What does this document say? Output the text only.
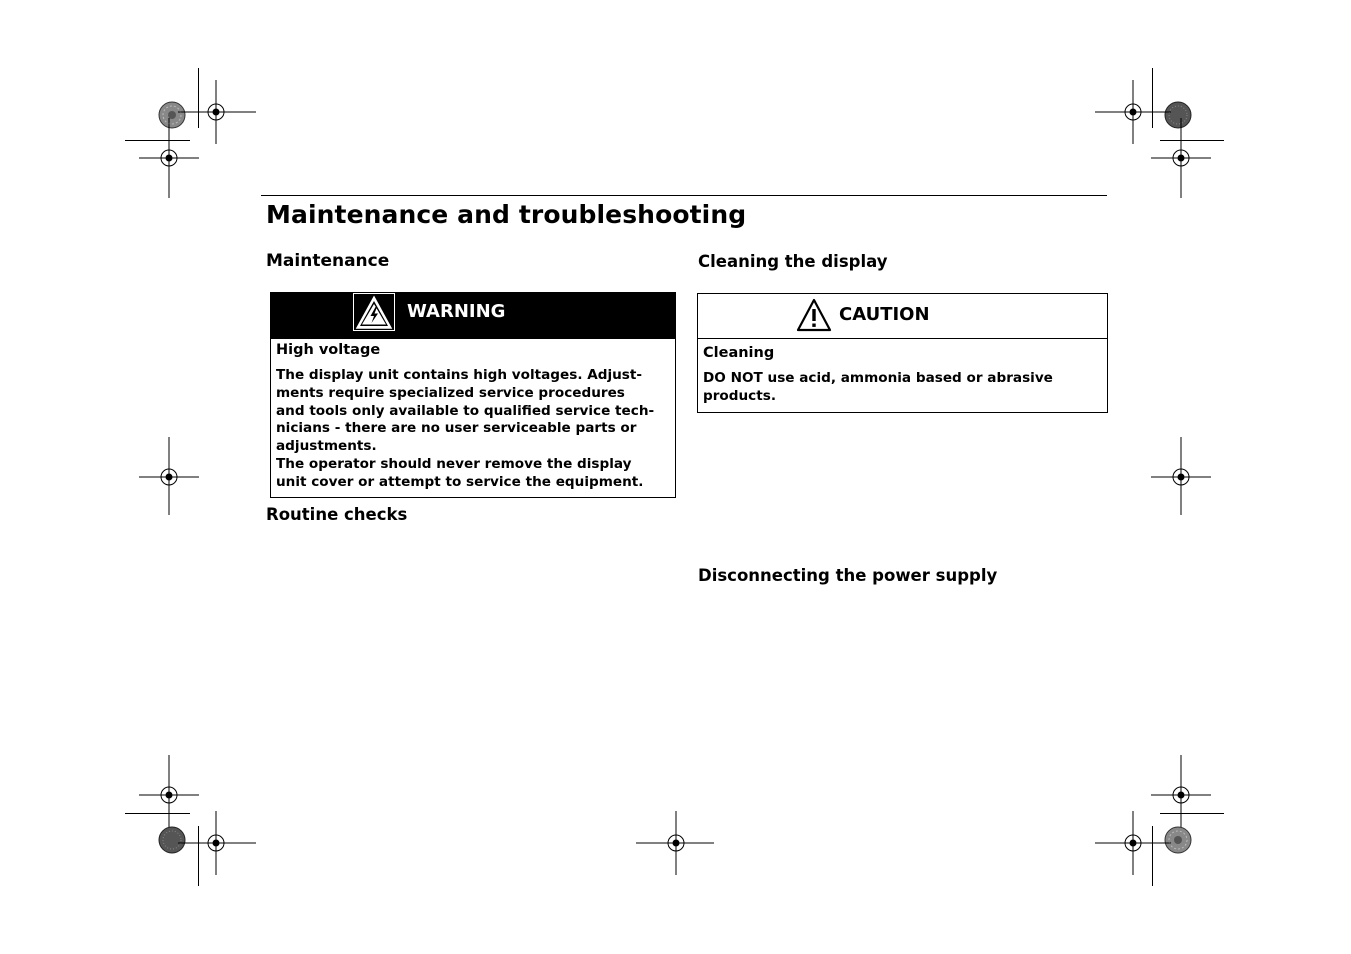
Maintenance and troubleshooting
Maintenance
WARNING
High voltage
The display unit contains high voltages. Adjust-
ments require specialized service procedures
and tools only available to qualified service tech-
nicians - there are no user serviceable parts or
adjustments.
The operator should never remove the display
unit cover or attempt to service the equipment.
Routine checks
Cleaning the display
CAUTION
Cleaning
DO NOT use acid, ammonia based or abrasive
products.
Disconnecting the power supply
